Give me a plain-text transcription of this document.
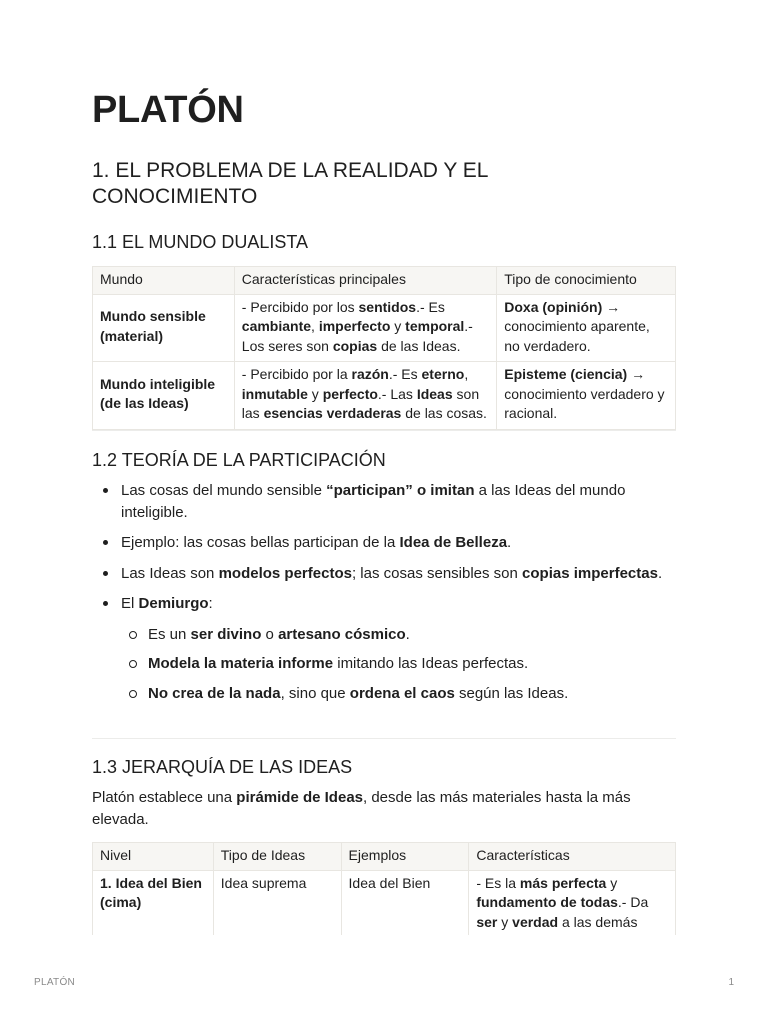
PLATÓN
1. EL PROBLEMA DE LA REALIDAD Y EL CONOCIMIENTO
1.1 EL MUNDO DUALISTA
Mundo	Características principales	Tipo de conocimiento
Mundo sensible (material)	- Percibido por los sentidos.- Es cambiante, imperfecto y temporal.- Los seres son copias de las Ideas.	Doxa (opinión) → conocimiento aparente, no verdadero.
Mundo inteligible (de las Ideas)	- Percibido por la razón.- Es eterno, inmutable y perfecto.- Las Ideas son las esencias verdaderas de las cosas.	Episteme (ciencia) → conocimiento verdadero y racional.
1.2 TEORÍA DE LA PARTICIPACIÓN
Las cosas del mundo sensible “participan” o imitan a las Ideas del mundo inteligible.
Ejemplo: las cosas bellas participan de la Idea de Belleza.
Las Ideas son modelos perfectos; las cosas sensibles son copias imperfectas.
El Demiurgo:
Es un ser divino o artesano cósmico.
Modela la materia informe imitando las Ideas perfectas.
No crea de la nada, sino que ordena el caos según las Ideas.
1.3 JERARQUÍA DE LAS IDEAS

Platón establece una pirámide de Ideas, desde las más materiales hasta la más elevada.

Nivel	Tipo de Ideas	Ejemplos	Características
1. Idea del Bien (cima)	Idea suprema	Idea del Bien	- Es la más perfecta y fundamento de todas.- Da ser y verdad a las demás
PLATÓN	1
